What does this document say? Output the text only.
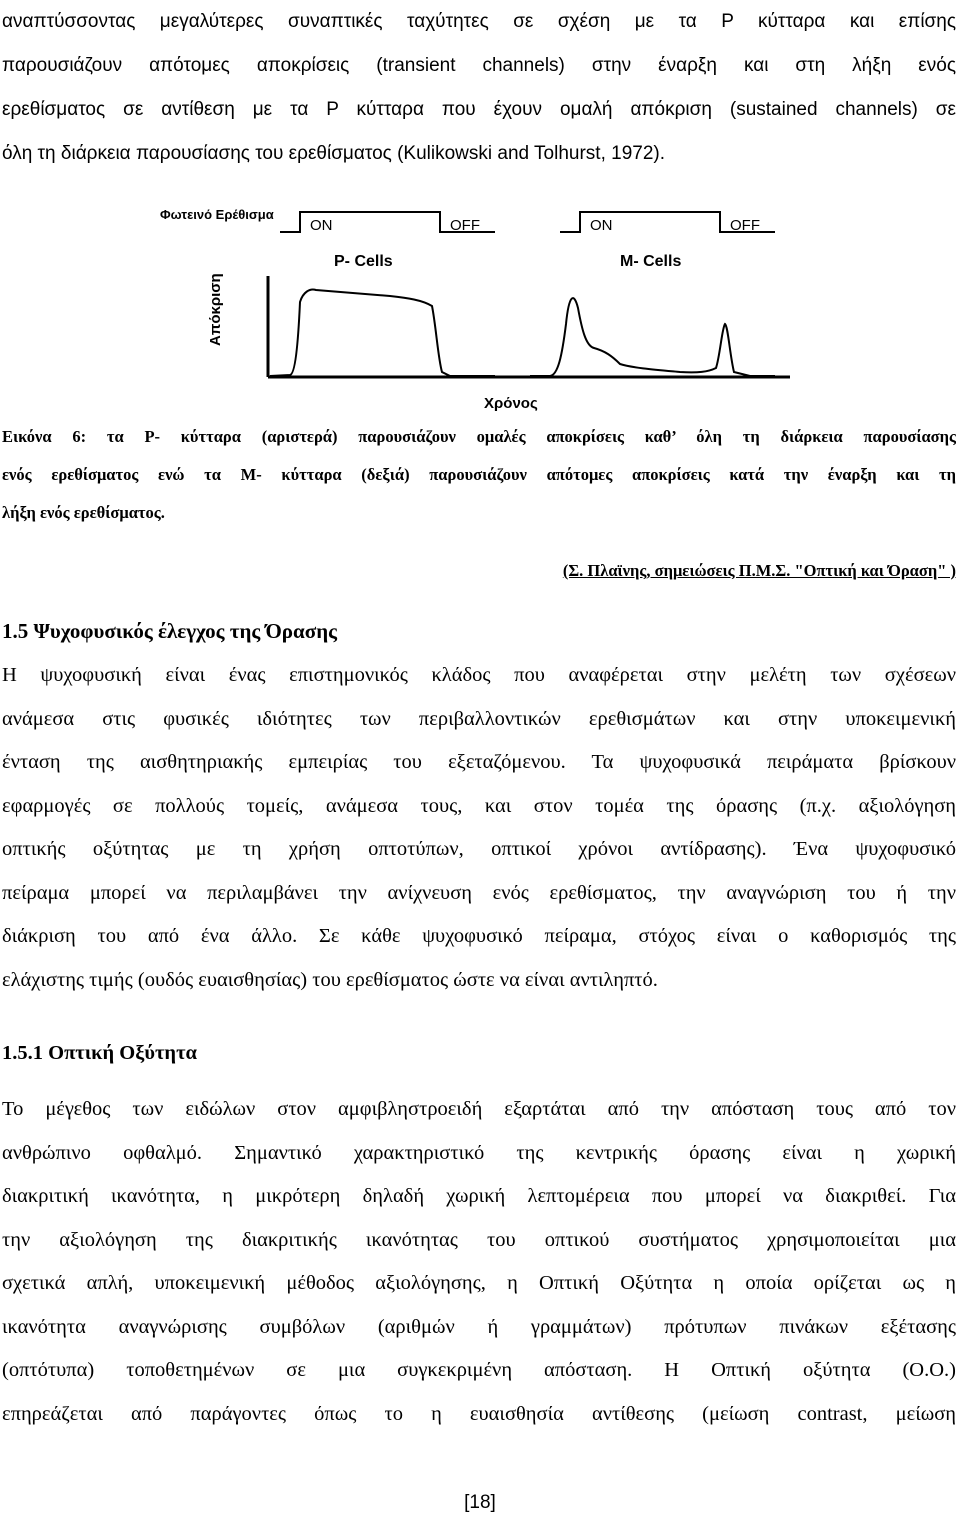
αναπτύσσοντας μεγαλύτερες συναπτικές ταχύτητες σε σχέση με τα P κύτταρα και επίσης
παρουσιάζουν απότομες αποκρίσεις (transient channels) στην έναρξη και στη λήξη ενός
ερεθίσματος σε αντίθεση με τα P κύτταρα που έχουν ομαλή απόκριση (sustained channels) σε
όλη τη διάρκεια παρουσίασης του ερεθίσματος (Kulikowski and Tolhurst, 1972).
Φωτεινό Ερέθισμα
ON	OFF	ON	OFF
P- Cells	M- Cells
Απόκριση
Χρόνος
Εικόνα 6: τα P- κύτταρα (αριστερά) παρουσιάζουν ομαλές αποκρίσεις καθ’ όλη τη διάρκεια παρουσίασης
ενός ερεθίσματος ενώ τα M- κύτταρα (δεξιά) παρουσιάζουν απότομες αποκρίσεις κατά την έναρξη και τη
λήξη ενός ερεθίσματος.
(Σ. Πλαϊνης, σημειώσεις Π.Μ.Σ. "Οπτική και Όραση" )
1.5 Ψυχοφυσικός έλεγχος της Όρασης
Η ψυχοφυσική είναι ένας επιστημονικός κλάδος που αναφέρεται στην μελέτη των σχέσεων
ανάμεσα στις φυσικές ιδιότητες των περιβαλλοντικών ερεθισμάτων και στην υποκειμενική
ένταση της αισθητηριακής εμπειρίας του εξεταζόμενου. Τα ψυχοφυσικά πειράματα βρίσκουν
εφαρμογές σε πολλούς τομείς, ανάμεσα τους, και στον τομέα της όρασης (π.χ. αξιολόγηση
οπτικής οξύτητας με τη χρήση οπτοτύπων, οπτικοί χρόνοι αντίδρασης). Ένα ψυχοφυσικό
πείραμα μπορεί να περιλαμβάνει την ανίχνευση ενός ερεθίσματος, την αναγνώριση του ή την
διάκριση του από ένα άλλο. Σε κάθε ψυχοφυσικό πείραμα, στόχος είναι ο καθορισμός της
ελάχιστης τιμής (ουδός ευαισθησίας) του ερεθίσματος ώστε να είναι αντιληπτό.
1.5.1 Οπτική Οξύτητα
Το μέγεθος των ειδώλων στον αμφιβληστροειδή εξαρτάται από την απόσταση τους από τον
ανθρώπινο οφθαλμό. Σημαντικό χαρακτηριστικό της κεντρικής όρασης είναι η χωρική
διακριτική ικανότητα, η μικρότερη δηλαδή χωρική λεπτομέρεια που μπορεί να διακριθεί. Για
την αξιολόγηση της διακριτικής ικανότητας του οπτικού συστήματος χρησιμοποιείται μια
σχετικά απλή, υποκειμενική μέθοδος αξιολόγησης, η Οπτική Οξύτητα η οποία ορίζεται ως η
ικανότητα αναγνώρισης συμβόλων (αριθμών ή γραμμάτων) πρότυπων πινάκων εξέτασης
(οπτότυπα) τοποθετημένων σε μια συγκεκριμένη απόσταση. Η Οπτική οξύτητα (Ο.Ο.)
επηρεάζεται από παράγοντες όπως το η ευαισθησία αντίθεσης (μείωση contrast, μείωση
[18]
